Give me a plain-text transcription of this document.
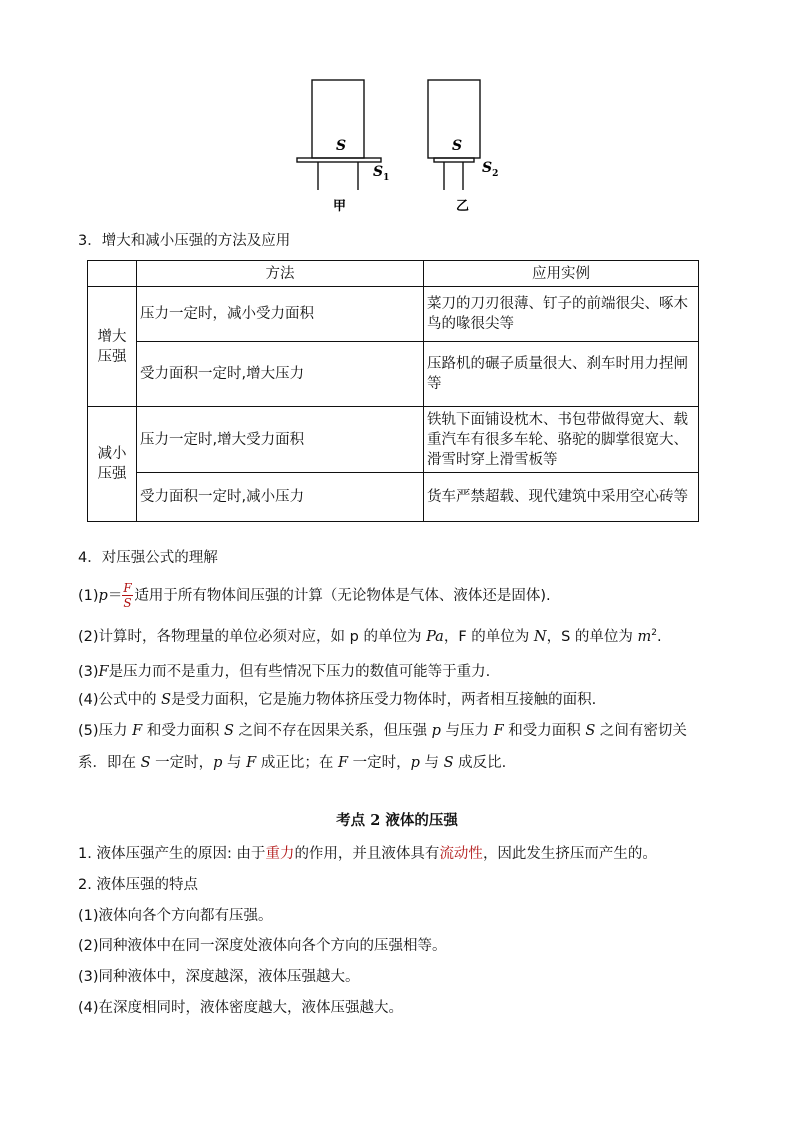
S
$S_1$
甲
S
$S_2$
乙
3．增大和减小压强的方法及应用
	方法	应用实例
增大压强	压力一定时，减小受力面积	菜刀的刀刃很薄、钉子的前端很尖、啄木鸟的喙很尖等
	受力面积一定时,增大压力	压路机的碾子质量很大、刹车时用力捏闸等
减小压强	压力一定时,增大受力面积	铁轨下面铺设枕木、书包带做得宽大、载重汽车有很多车轮、骆驼的脚掌很宽大、滑雪时穿上滑雪板等
	受力面积一定时,减小压力	货车严禁超载、现代建筑中采用空心砖等
4．对压强公式的理解
$(1)p= \frac{F}{S}$ 适用于所有物体间压强的计算（无论物体是气体、液体还是固体).
(2)计算时，各物理量的单位必须对应，如 p 的单位为 Pa，F 的单位为 N，S 的单位为 $m^2$.
(3)F是压力而不是重力，但有些情况下压力的数值可能等于重力.
(4)公式中的 S是受力面积，它是施力物体挤压受力物体时，两者相互接触的面积.
(5)压力 F 和受力面积 S 之间不存在因果关系，但压强 p 与压力 F 和受力面积 S 之间有密切关
系．即在 S 一定时，p 与 F 成正比；在 F 一定时，p 与 S 成反比.
考点 2 液体的压强
1. 液体压强产生的原因: 由于重力的作用，并且液体具有流动性，因此发生挤压而产生的。
2. 液体压强的特点
(1)液体向各个方向都有压强。
(2)同种液体中在同一深度处液体向各个方向的压强相等。
(3)同种液体中，深度越深，液体压强越大。
(4)在深度相同时，液体密度越大，液体压强越大。
